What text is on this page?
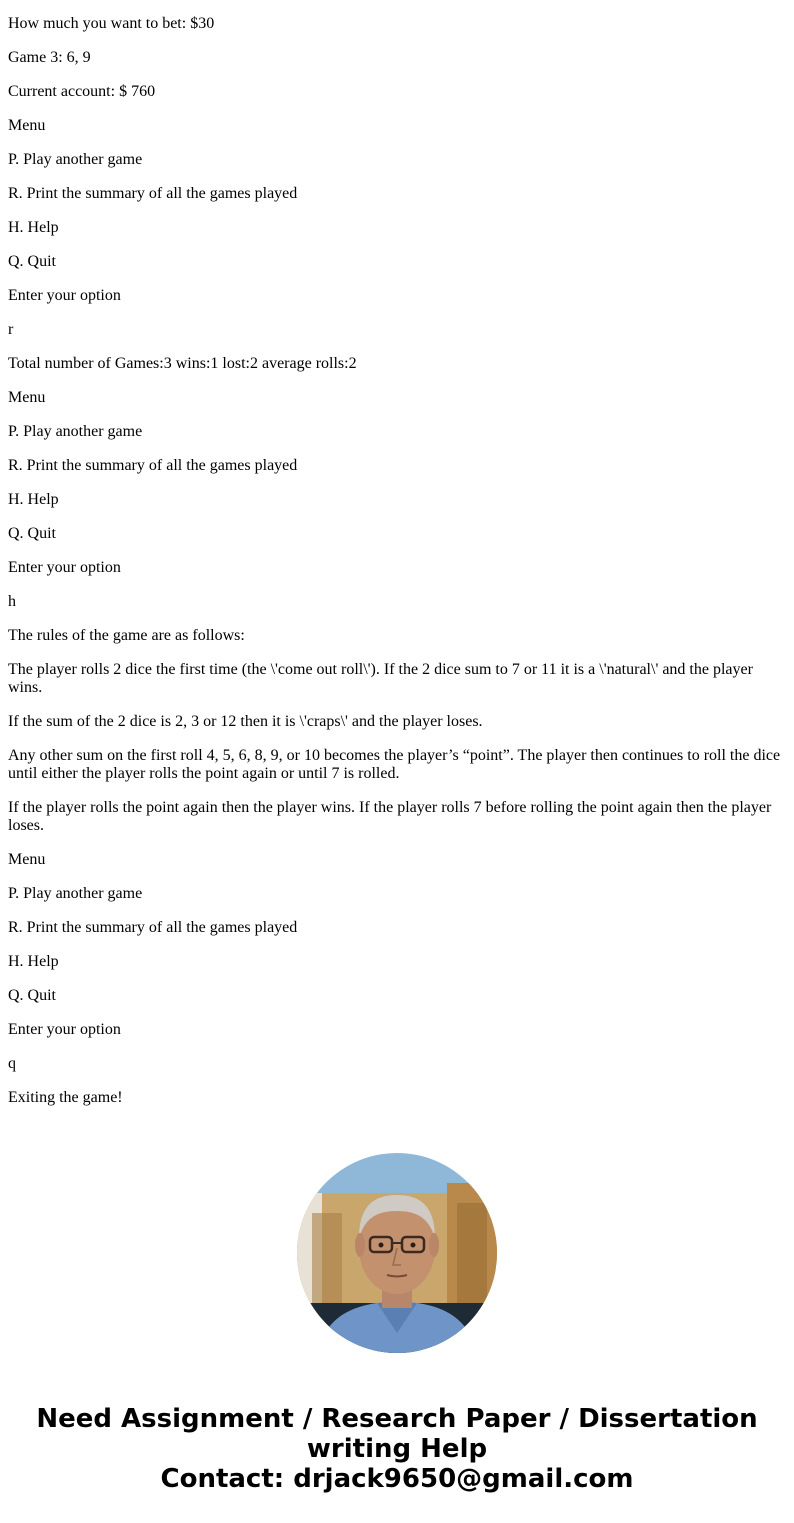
How much you want to bet: $30

Game 3: 6, 9

Current account: $ 760

Menu

P. Play another game

R. Print the summary of all the games played

H. Help

Q. Quit

Enter your option

r

Total number of Games:3 wins:1 lost:2 average rolls:2

Menu

P. Play another game

R. Print the summary of all the games played

H. Help

Q. Quit

Enter your option

h

The rules of the game are as follows:

The player rolls 2 dice the first time (the \'come out roll\'). If the 2 dice sum to 7 or 11 it is a \'natural\' and the player wins.

If the sum of the 2 dice is 2, 3 or 12 then it is \'craps\' and the player loses.

Any other sum on the first roll 4, 5, 6, 8, 9, or 10 becomes the player’s “point”. The player then continues to roll the dice until either the player rolls the point again or until 7 is rolled.

If the player rolls the point again then the player wins. If the player rolls 7 before rolling the point again then the player loses.

Menu

P. Play another game

R. Print the summary of all the games played

H. Help

Q. Quit

Enter your option

q

Exiting the game!

Need Assignment / Research Paper / Dissertation
writing Help
Contact: drjack9650@gmail.com
